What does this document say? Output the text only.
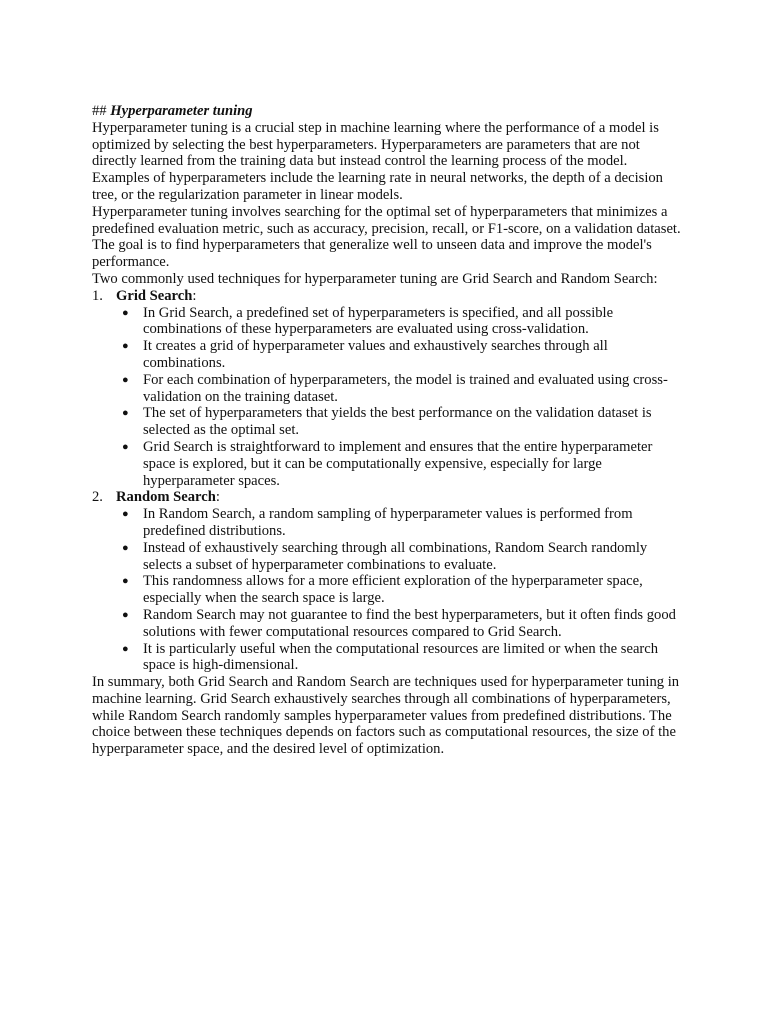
## Hyperparameter tuning

Hyperparameter tuning is a crucial step in machine learning where the performance of a model is optimized by selecting the best hyperparameters. Hyperparameters are parameters that are not directly learned from the training data but instead control the learning process of the model. Examples of hyperparameters include the learning rate in neural networks, the depth of a decision tree, or the regularization parameter in linear models.

Hyperparameter tuning involves searching for the optimal set of hyperparameters that minimizes a predefined evaluation metric, such as accuracy, precision, recall, or F1-score, on a validation dataset. The goal is to find hyperparameters that generalize well to unseen data and improve the model's performance.

Two commonly used techniques for hyperparameter tuning are Grid Search and Random Search:

1. Grid Search:
● In Grid Search, a predefined set of hyperparameters is specified, and all possible combinations of these hyperparameters are evaluated using cross-validation.
● It creates a grid of hyperparameter values and exhaustively searches through all combinations.
● For each combination of hyperparameters, the model is trained and evaluated using cross-validation on the training dataset.
● The set of hyperparameters that yields the best performance on the validation dataset is selected as the optimal set.
● Grid Search is straightforward to implement and ensures that the entire hyperparameter space is explored, but it can be computationally expensive, especially for large hyperparameter spaces.
2. Random Search:
● In Random Search, a random sampling of hyperparameter values is performed from predefined distributions.
● Instead of exhaustively searching through all combinations, Random Search randomly selects a subset of hyperparameter combinations to evaluate.
● This randomness allows for a more efficient exploration of the hyperparameter space, especially when the search space is large.
● Random Search may not guarantee to find the best hyperparameters, but it often finds good solutions with fewer computational resources compared to Grid Search.
● It is particularly useful when the computational resources are limited or when the search space is high-dimensional.

In summary, both Grid Search and Random Search are techniques used for hyperparameter tuning in machine learning. Grid Search exhaustively searches through all combinations of hyperparameters, while Random Search randomly samples hyperparameter values from predefined distributions. The choice between these techniques depends on factors such as computational resources, the size of the hyperparameter space, and the desired level of optimization.
